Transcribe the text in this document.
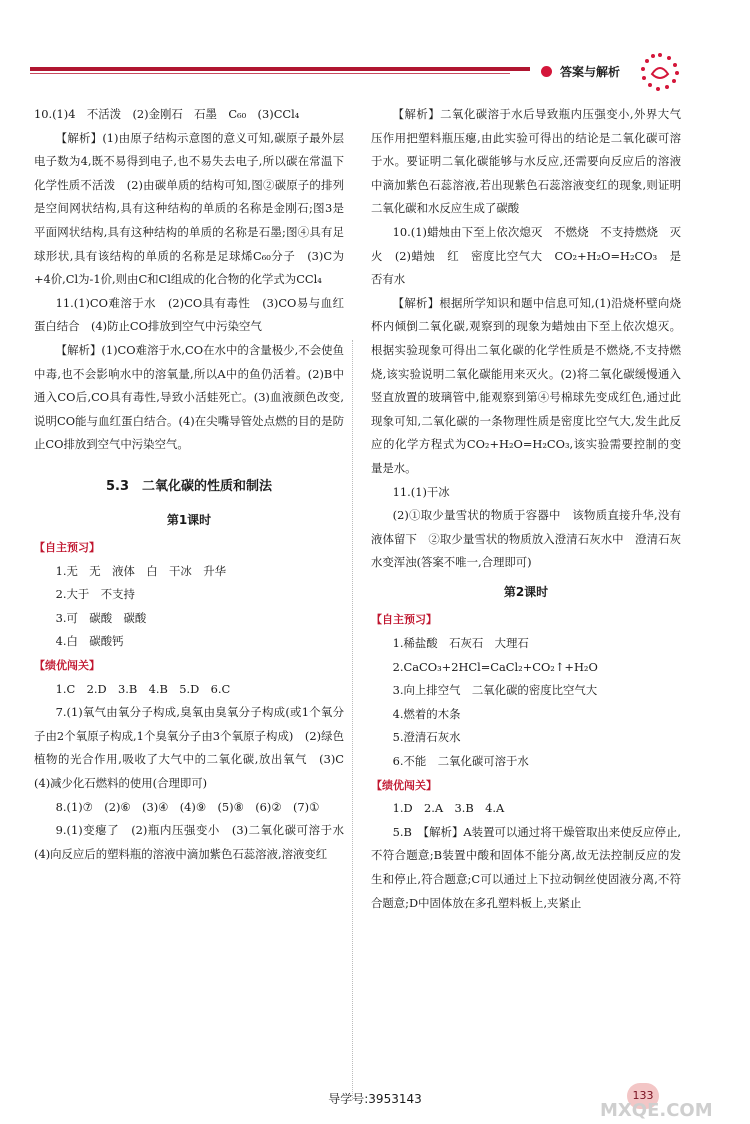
答案与解析
10.(1)4　不活泼　(2)金刚石　石墨　C₆₀　(3)CCl₄
【解析】(1)由原子结构示意图的意义可知,碳原子最外层电子数为4,既不易得到电子,也不易失去电子,所以碳在常温下化学性质不活泼　(2)由碳单质的结构可知,图②碳原子的排列是空间网状结构,具有这种结构的单质的名称是金刚石;图3是平面网状结构,具有这种结构的单质的名称是石墨;图④具有足球形状,具有该结构的单质的名称是足球烯C₆₀分子　(3)C为+4价,Cl为-1价,则由C和Cl组成的化合物的化学式为CCl₄
11.(1)CO难溶于水　(2)CO具有毒性　(3)CO易与血红蛋白结合　(4)防止CO排放到空气中污染空气
【解析】(1)CO难溶于水,CO在水中的含量极少,不会使鱼中毒,也不会影响水中的溶氧量,所以A中的鱼仍活着。(2)B中通入CO后,CO具有毒性,导致小活蛙死亡。(3)血液颜色改变,说明CO能与血红蛋白结合。(4)在尖嘴导管处点燃的目的是防止CO排放到空气中污染空气。
5.3　二氧化碳的性质和制法
第1课时
【自主预习】
1.无　无　液体　白　干冰　升华
2.大于　不支持
3.可　碳酸　碳酸
4.白　碳酸钙
【绩优闯关】
1.C　2.D　3.B　4.B　5.D　6.C
7.(1)氧气由氧分子构成,臭氧由臭氧分子构成(或1个氧分子由2个氧原子构成,1个臭氧分子由3个氧原子构成)　(2)绿色植物的光合作用,吸收了大气中的二氧化碳,放出氧气　(3)C　(4)减少化石燃料的使用(合理即可)
8.(1)⑦　(2)⑥　(3)④　(4)⑨　(5)⑧　(6)②　(7)①
9.(1)变瘪了　(2)瓶内压强变小　(3)二氧化碳可溶于水　(4)向反应后的塑料瓶的溶液中滴加紫色石蕊溶液,溶液变红
【解析】二氧化碳溶于水后导致瓶内压强变小,外界大气压作用把塑料瓶压瘪,由此实验可得出的结论是二氧化碳可溶于水。要证明二氧化碳能够与水反应,还需要向反应后的溶液中滴加紫色石蕊溶液,若出现紫色石蕊溶液变红的现象,则证明二氧化碳和水反应生成了碳酸
10.(1)蜡烛由下至上依次熄灭　不燃烧　不支持燃烧　灭火　(2)蜡烛　红　密度比空气大　CO₂+H₂O=H₂CO₃　是否有水
【解析】根据所学知识和题中信息可知,(1)沿烧杯壁向烧杯内倾倒二氧化碳,观察到的现象为蜡烛由下至上依次熄灭。根据实验现象可得出二氧化碳的化学性质是不燃烧,不支持燃烧,该实验说明二氧化碳能用来灭火。(2)将二氧化碳缓慢通入竖直放置的玻璃管中,能观察到第④号棉球先变成红色,通过此现象可知,二氧化碳的一条物理性质是密度比空气大,发生此反应的化学方程式为CO₂+H₂O=H₂CO₃,该实验需要控制的变量是水。
11.(1)干冰
(2)①取少量雪状的物质于容器中　该物质直接升华,没有液体留下　②取少量雪状的物质放入澄清石灰水中　澄清石灰水变浑浊(答案不唯一,合理即可)
第2课时
【自主预习】
1.稀盐酸　石灰石　大理石
2.CaCO₃+2HCl=CaCl₂+CO₂↑+H₂O
3.向上排空气　二氧化碳的密度比空气大
4.燃着的木条
5.澄清石灰水
6.不能　二氧化碳可溶于水
【绩优闯关】
1.D　2.A　3.B　4.A
5.B　【解析】A装置可以通过将干燥管取出来使反应停止,不符合题意;B装置中酸和固体不能分离,故无法控制反应的发生和停止,符合题意;C可以通过上下拉动铜丝使固液分离,不符合题意;D中固体放在多孔塑料板上,夹紧止
导学号:3953143	133
MXQE.COM
